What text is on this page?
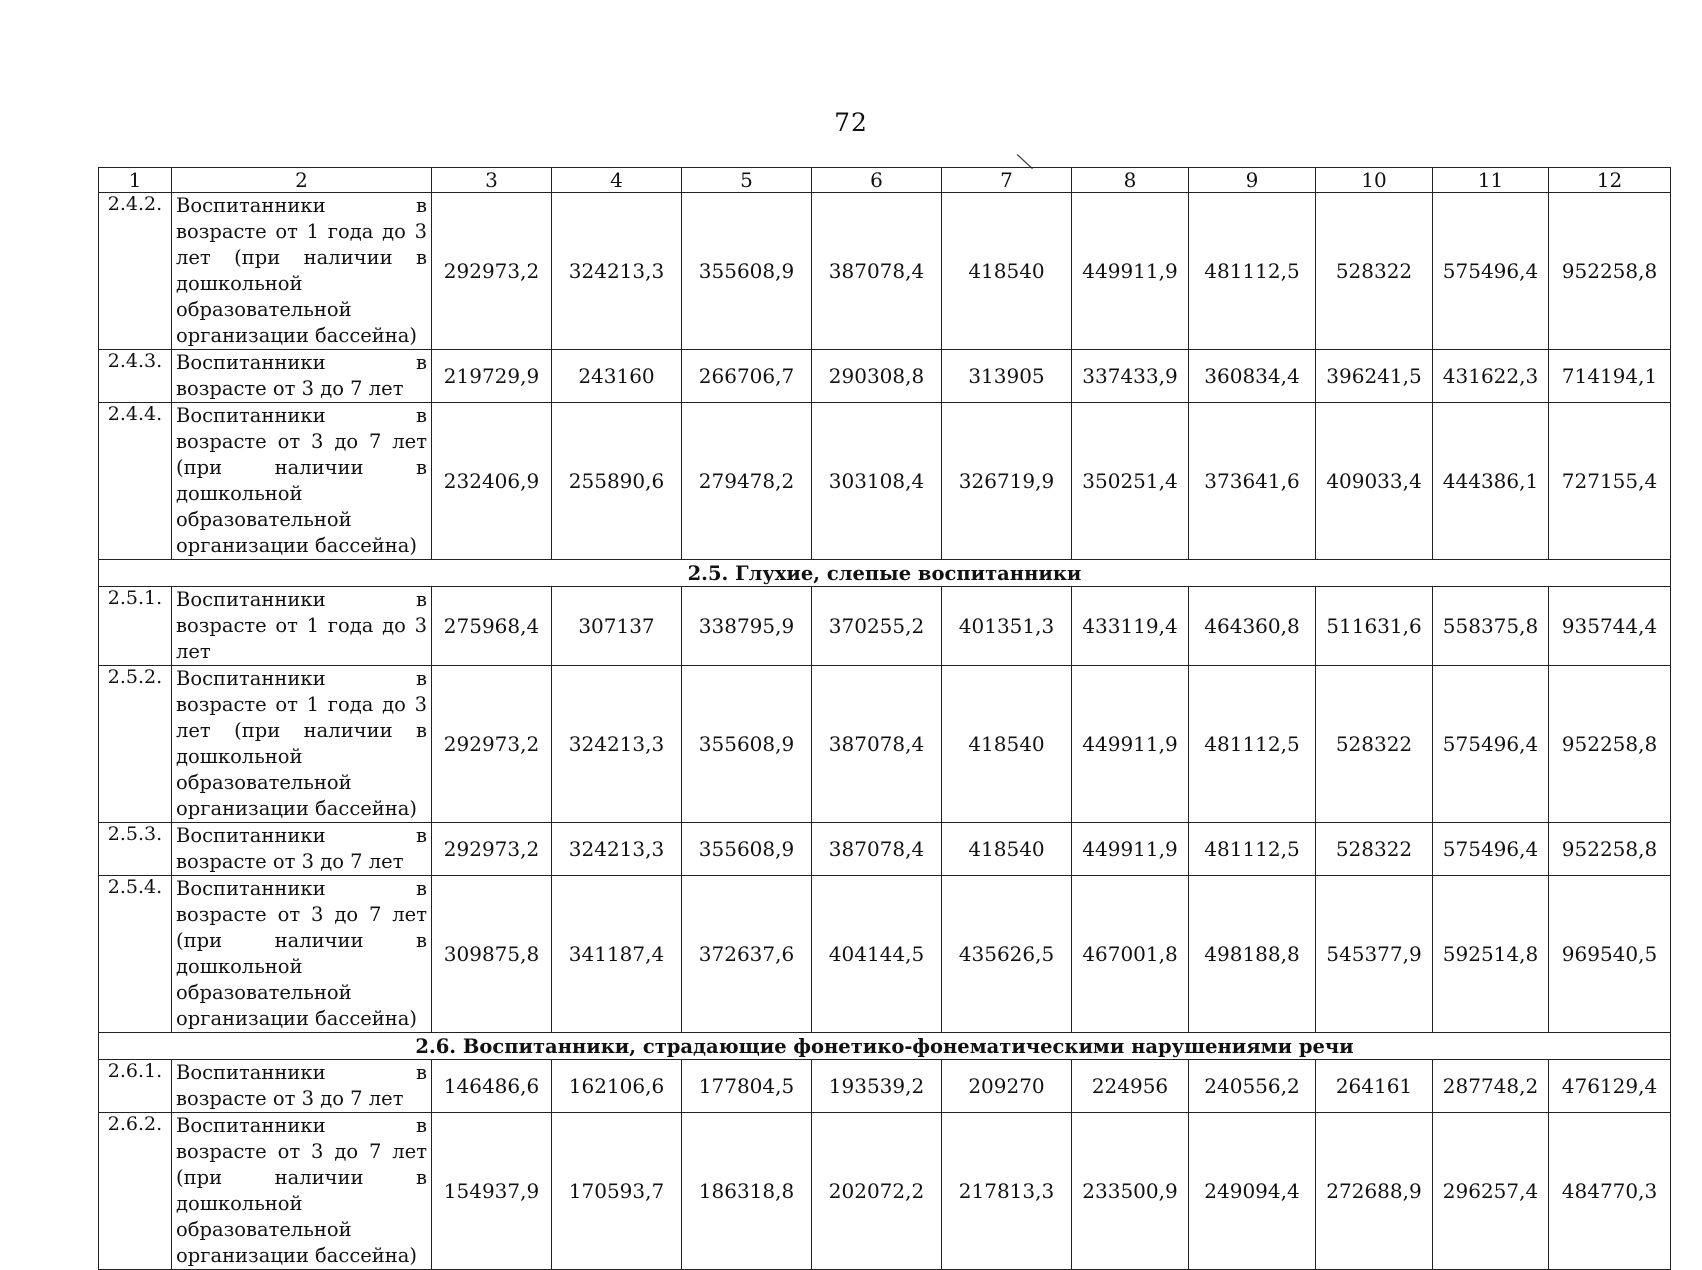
72
╲
1	2	3	4	5	6	7	8	9	10	11	12
2.4.2.	Воспитанники в возрасте от 1 года до 3 лет (при наличии в дошкольной образовательной организации бассейна)	292973,2	324213,3	355608,9	387078,4	418540	449911,9	481112,5	528322	575496,4	952258,8
2.4.3.	Воспитанники в возрасте от 3 до 7 лет	219729,9	243160	266706,7	290308,8	313905	337433,9	360834,4	396241,5	431622,3	714194,1
2.4.4.	Воспитанники в возрасте от 3 до 7 лет (при наличии в дошкольной образовательной организации бассейна)	232406,9	255890,6	279478,2	303108,4	326719,9	350251,4	373641,6	409033,4	444386,1	727155,4
2.5. Глухие, слепые воспитанники											
2.5.1.	Воспитанники в возрасте от 1 года до 3 лет	275968,4	307137	338795,9	370255,2	401351,3	433119,4	464360,8	511631,6	558375,8	935744,4
2.5.2.	Воспитанники в возрасте от 1 года до 3 лет (при наличии в дошкольной образовательной организации бассейна)	292973,2	324213,3	355608,9	387078,4	418540	449911,9	481112,5	528322	575496,4	952258,8
2.5.3.	Воспитанники в возрасте от 3 до 7 лет	292973,2	324213,3	355608,9	387078,4	418540	449911,9	481112,5	528322	575496,4	952258,8
2.5.4.	Воспитанники в возрасте от 3 до 7 лет (при наличии в дошкольной образовательной организации бассейна)	309875,8	341187,4	372637,6	404144,5	435626,5	467001,8	498188,8	545377,9	592514,8	969540,5
2.6. Воспитанники, страдающие фонетико-фонематическими нарушениями речи											
2.6.1.	Воспитанники в возрасте от 3 до 7 лет	146486,6	162106,6	177804,5	193539,2	209270	224956	240556,2	264161	287748,2	476129,4
2.6.2.	Воспитанники в возрасте от 3 до 7 лет (при наличии в дошкольной образовательной организации бассейна)	154937,9	170593,7	186318,8	202072,2	217813,3	233500,9	249094,4	272688,9	296257,4	484770,3
